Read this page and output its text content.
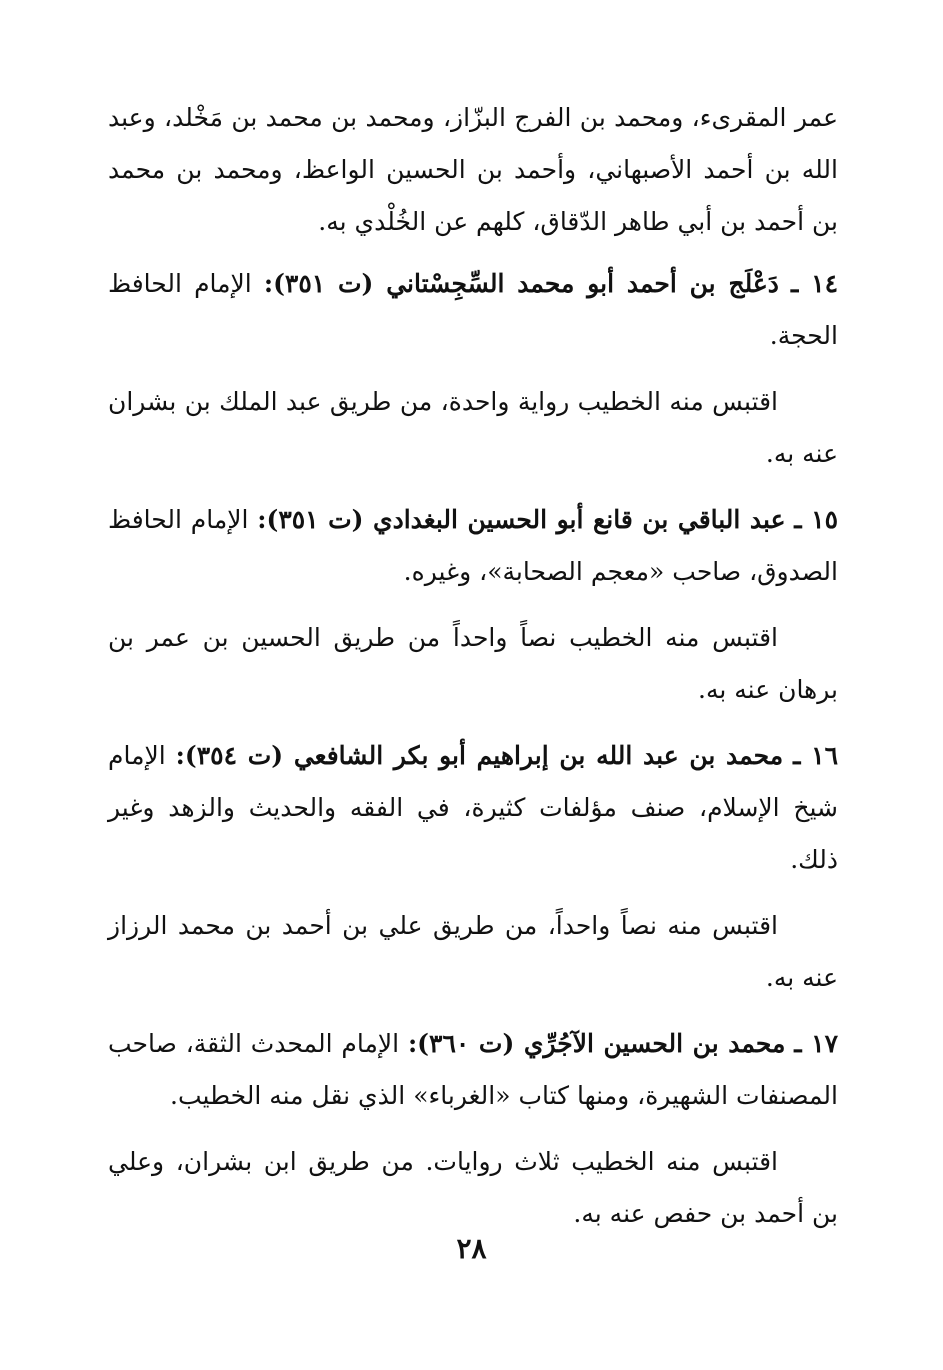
عمر المقرىء، ومحمد بن الفرج البزّاز، ومحمد بن محمد بن مَخْلد، وعبد الله بن أحمد الأصبهاني، وأحمد بن الحسين الواعظ، ومحمد بن محمد بن أحمد بن أبي طاهر الدّقاق، كلهم عن الخُلْدي به.

١٤ ـ دَعْلَج بن أحمد أبو محمد السِّجِسْتاني (ت ٣٥١): الإمام الحافظ الحجة.

اقتبس منه الخطيب رواية واحدة، من طريق عبد الملك بن بشران عنه به.

١٥ ـ عبد الباقي بن قانع أبو الحسين البغدادي (ت ٣٥١): الإمام الحافظ الصدوق، صاحب «معجم الصحابة»، وغيره.

اقتبس منه الخطيب نصاً واحداً من طريق الحسين بن عمر بن برهان عنه به.

١٦ ـ محمد بن عبد الله بن إبراهيم أبو بكر الشافعي (ت ٣٥٤): الإمام شيخ الإسلام، صنف مؤلفات كثيرة، في الفقه والحديث والزهد وغير ذلك.

اقتبس منه نصاً واحداً، من طريق علي بن أحمد بن محمد الرزاز عنه به.

١٧ ـ محمد بن الحسين الآجُرِّي (ت ٣٦٠): الإمام المحدث الثقة، صاحب المصنفات الشهيرة، ومنها كتاب «الغرباء» الذي نقل منه الخطيب.

اقتبس منه الخطيب ثلاث روايات. من طريق ابن بشران، وعلي بن أحمد بن حفص عنه به.

٢٨
